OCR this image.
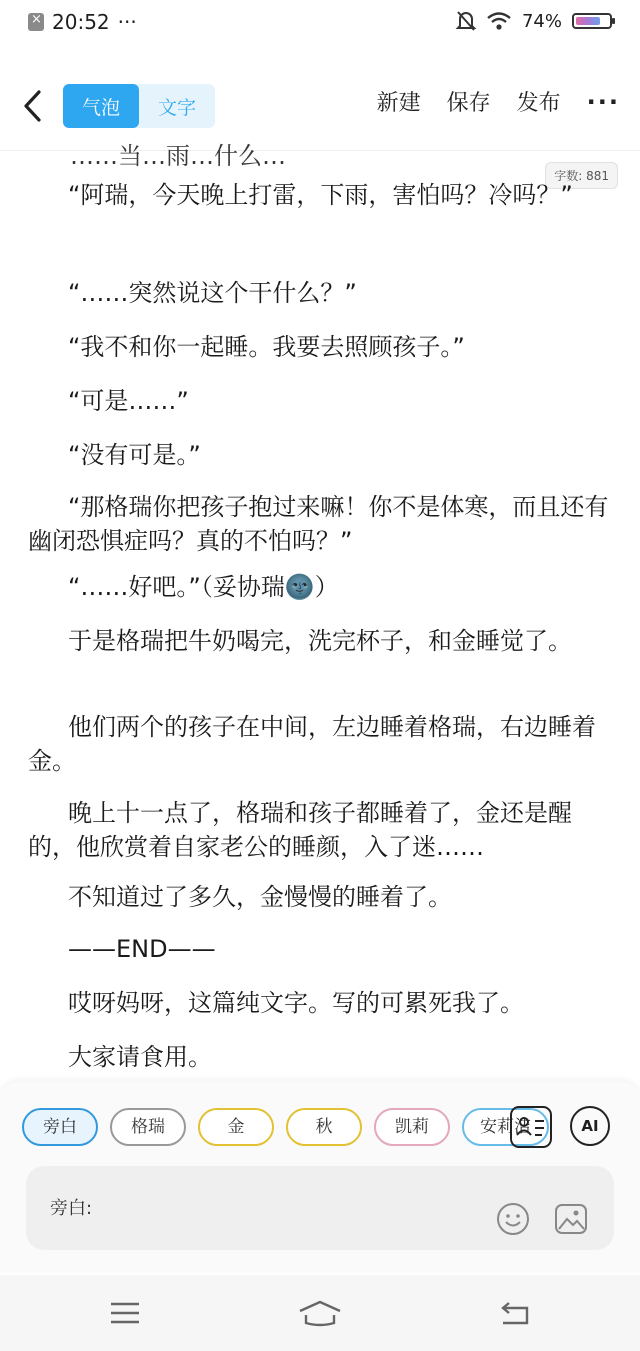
×
20:52 ···	74%
气泡	文字	新建 保存 发布 ···
……当…雨…什么…
字数: 881

“阿瑞，今天晚上打雷，下雨，害怕吗？冷吗？”

“……突然说这个干什么？”

“我不和你一起睡。我要去照顾孩子。”

“可是……”

“没有可是。”

“那格瑞你把孩子抱过来嘛！你不是体寒，而且还有幽闭恐惧症吗？真的不怕吗？”

“……好吧。”（妥协瑞🌚）

于是格瑞把牛奶喝完，洗完杯子，和金睡觉了。

他们两个的孩子在中间，左边睡着格瑞，右边睡着金。

晚上十一点了，格瑞和孩子都睡着了，金还是醒的，他欣赏着自家老公的睡颜，入了迷……

不知道过了多久，金慢慢的睡着了。

——END——

哎呀妈呀，这篇纯文字。写的可累死我了。

大家请食用。

旁白	格瑞	金	秋	凯莉	安莉洁	AI
旁白:
